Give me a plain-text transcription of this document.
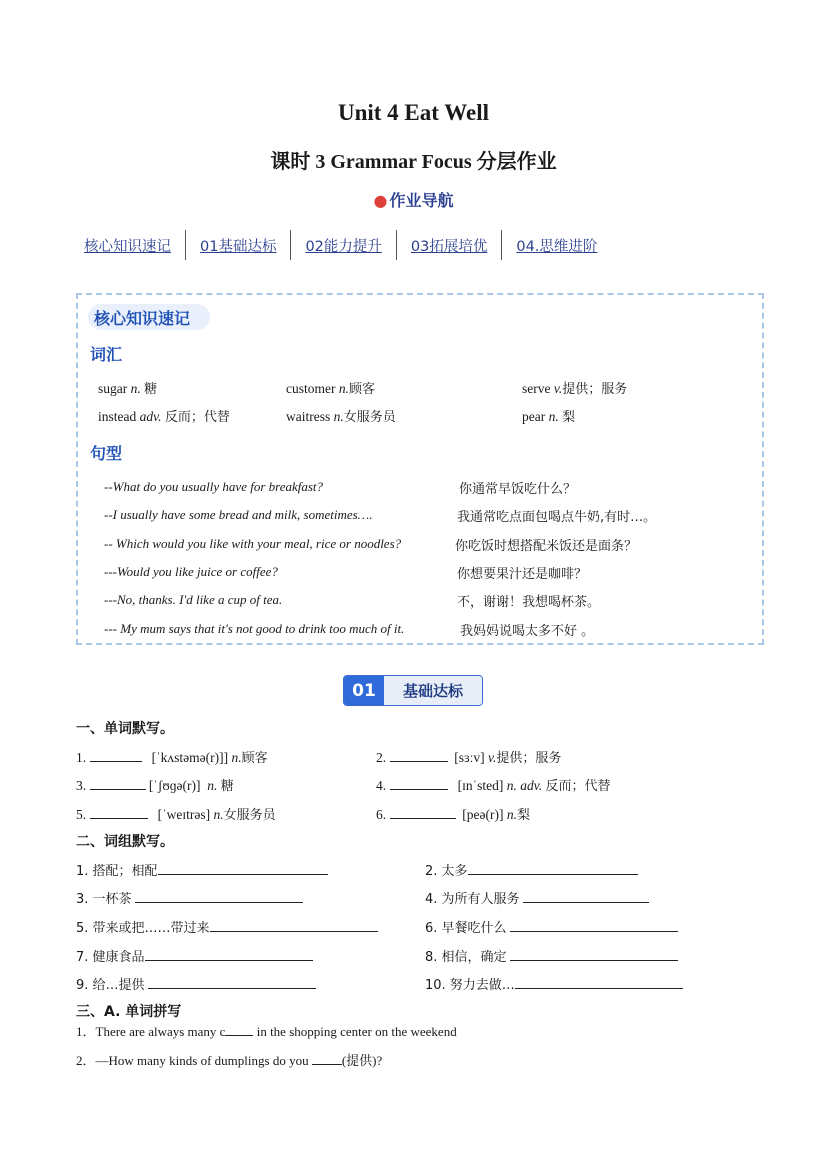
Unit 4 Eat Well
课时 3 Grammar Focus 分层作业
● 作业导航
核心知识速记	01基础达标	02能力提升	03拓展培优	04.思维进阶
核心知识速记
词汇
sugar n. 糖	customer n.顾客	serve v.提供；服务
instead adv. 反而；代替	waitress n.女服务员	pear n. 梨
句型
--What do you usually have for breakfast?	你通常早饭吃什么？
--I usually have some bread and milk, sometimes….	我通常吃点面包喝点牛奶,有时…。
-- Which would you like with your meal, rice or noodles?	你吃饭时想搭配米饭还是面条？
---Would you like juice or coffee?	你想要果汁还是咖啡？
---No, thanks. I'd like a cup of tea.	不，谢谢！我想喝杯茶。
--- My mum says that it's not good to drink too much of it.	我妈妈说喝太多不好 。
01	基础达标
一、单词默写。
1.	[ˈkʌstəmə(r)]] n.顾客	2.	[sɜːv] v.提供；服务
3.	[ˈʃʊɡə(r)] n. 糖	4.	[ɪnˈsted] n. adv. 反而；代替
5.	[ˈweɪtrəs] n.女服务员	6.	[peə(r)] n.梨
二、词组默写。
1. 搭配；相配	2. 太多
3. 一杯茶	4. 为所有人服务
5. 带来或把……带过来	6. 早餐吃什么
7. 健康食品	8. 相信，确定
9. 给…提供	10. 努力去做…
三、A. 单词拼写
1．There are always many c in the shopping center on the weekend
2．—How many kinds of dumplings do you	(提供)?
